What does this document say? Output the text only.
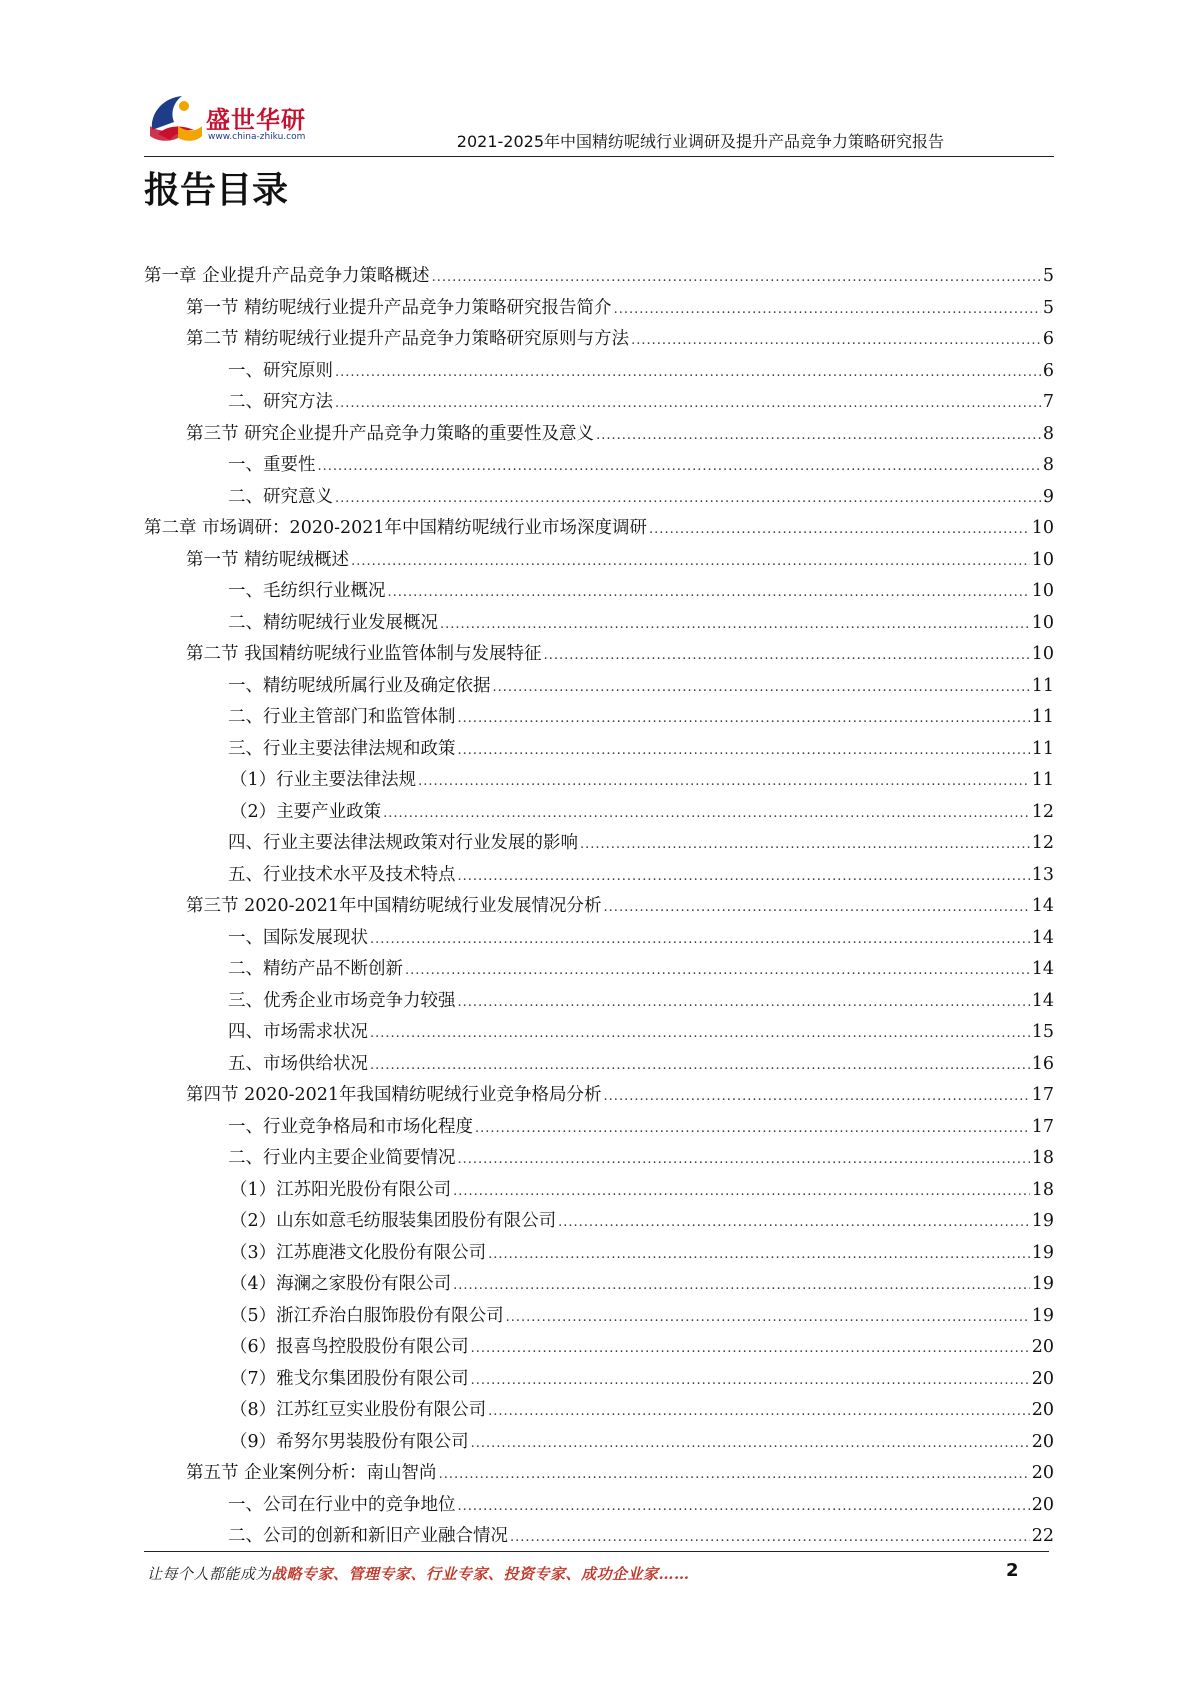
盛世华研
www.china-zhiku.com	2021-2025年中国精纺呢绒行业调研及提升产品竞争力策略研究报告
报告目录
第一章 企业提升产品竞争力策略概述 .....	5
第一节 精纺呢绒行业提升产品竞争力策略研究报告简介 .....	5
第二节 精纺呢绒行业提升产品竞争力策略研究原则与方法 .....	6
一、研究原则 .....	6
二、研究方法 .....	7
第三节 研究企业提升产品竞争力策略的重要性及意义 .....	8
一、重要性 .....	8
二、研究意义 .....	9
第二章 市场调研：2020-2021年中国精纺呢绒行业市场深度调研 .....	10
第一节 精纺呢绒概述 .....	10
一、毛纺织行业概况 .....	10
二、精纺呢绒行业发展概况 .....	10
第二节 我国精纺呢绒行业监管体制与发展特征 .....	10
一、精纺呢绒所属行业及确定依据 .....	11
二、行业主管部门和监管体制 .....	11
三、行业主要法律法规和政策 .....	11
（1）行业主要法律法规 .....	11
（2）主要产业政策 .....	12
四、行业主要法律法规政策对行业发展的影响 .....	12
五、行业技术水平及技术特点 .....	13
第三节 2020-2021年中国精纺呢绒行业发展情况分析 .....	14
一、国际发展现状 .....	14
二、精纺产品不断创新 .....	14
三、优秀企业市场竞争力较强 .....	14
四、市场需求状况 .....	15
五、市场供给状况 .....	16
第四节 2020-2021年我国精纺呢绒行业竞争格局分析 .....	17
一、行业竞争格局和市场化程度 .....	17
二、行业内主要企业简要情况 .....	18
（1）江苏阳光股份有限公司 .....	18
（2）山东如意毛纺服装集团股份有限公司 .....	19
（3）江苏鹿港文化股份有限公司 .....	19
（4）海澜之家股份有限公司 .....	19
（5）浙江乔治白服饰股份有限公司 .....	19
（6）报喜鸟控股股份有限公司 .....	20
（7）雅戈尔集团股份有限公司 .....	20
（8）江苏红豆实业股份有限公司 .....	20
（9）希努尔男装股份有限公司 .....	20
第五节 企业案例分析：南山智尚 .....	20
一、公司在行业中的竞争地位 .....	20
二、公司的创新和新旧产业融合情况 .....	22
让每个人都能成为战略专家、管理专家、行业专家、投资专家、成功企业家……	2
